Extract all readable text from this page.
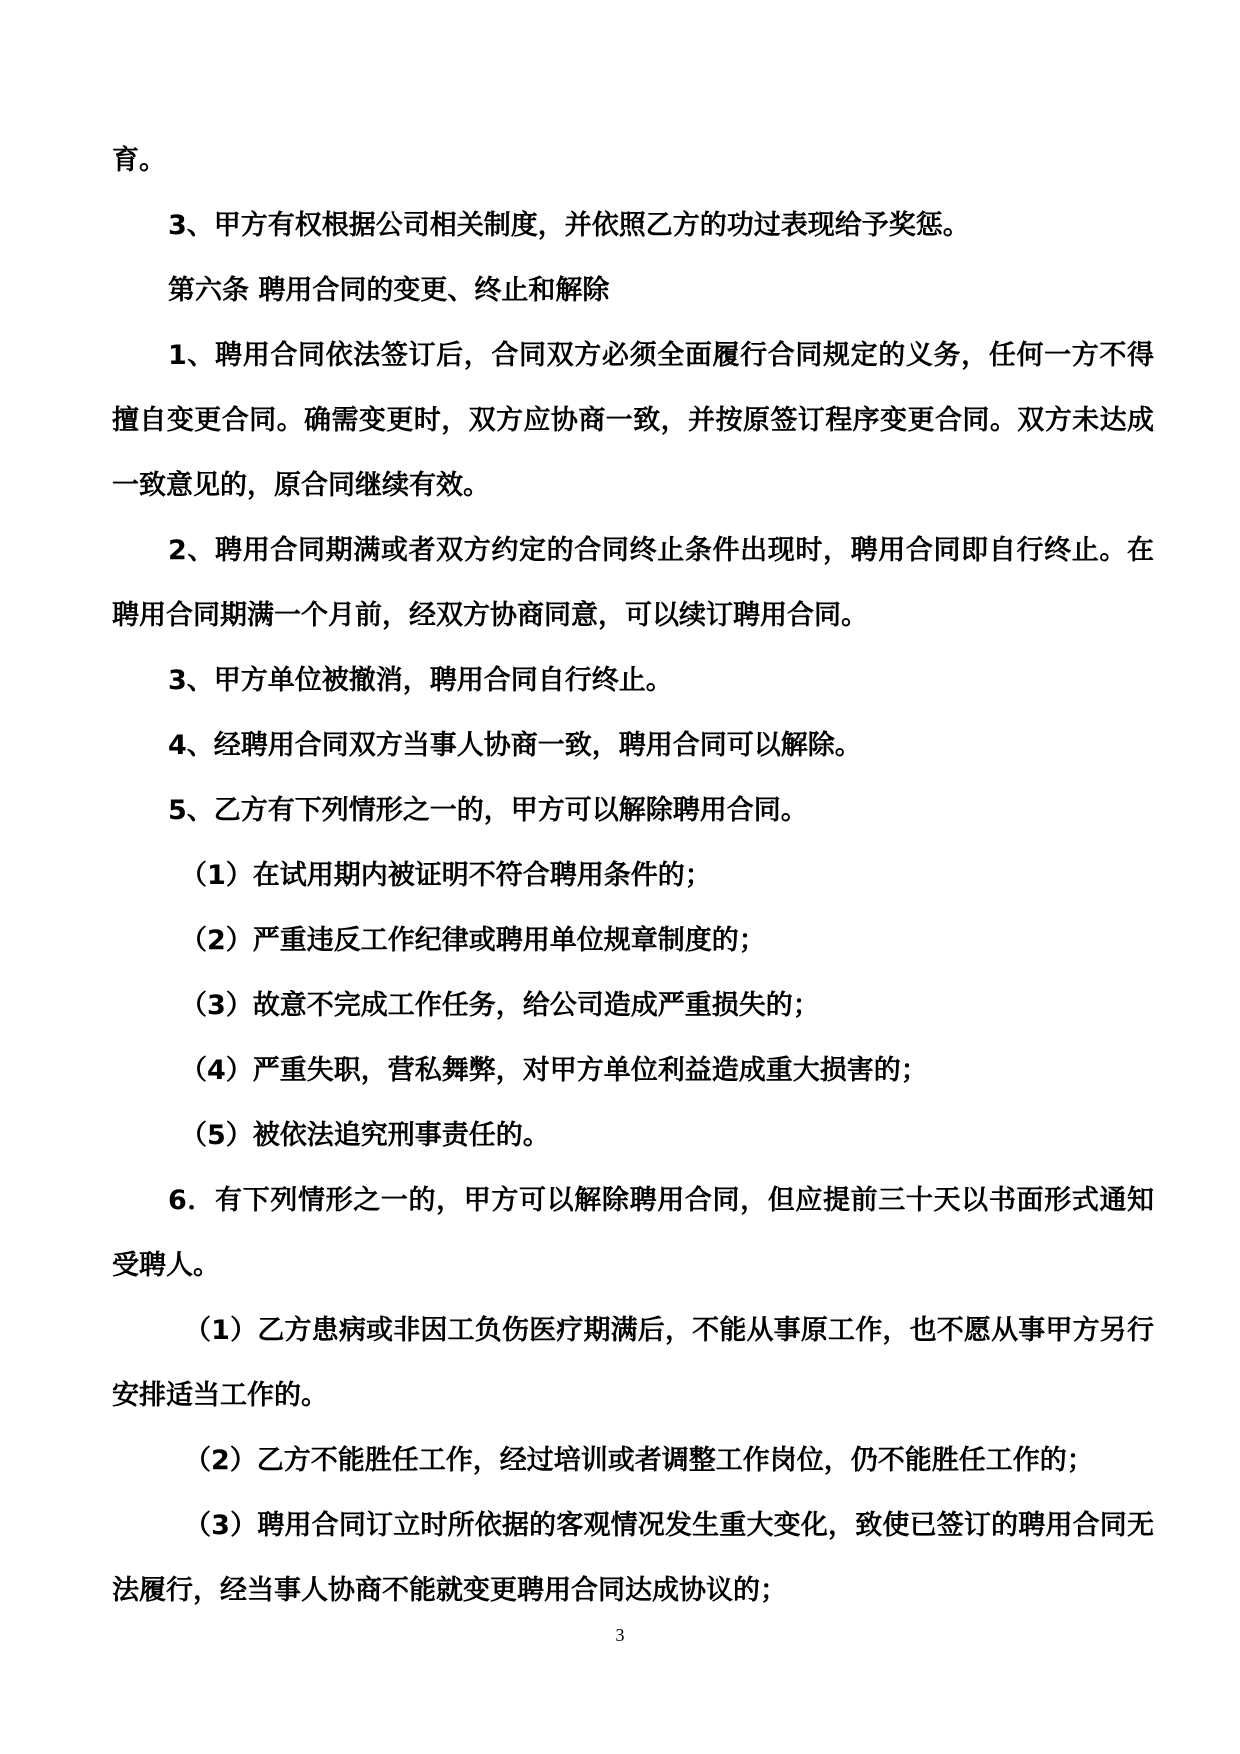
育。

3、甲方有权根据公司相关制度，并依照乙方的功过表现给予奖惩。

第六条 聘用合同的变更、终止和解除

1、聘用合同依法签订后，合同双方必须全面履行合同规定的义务，任何一方不得擅自变更合同。确需变更时，双方应协商一致，并按原签订程序变更合同。双方未达成一致意见的，原合同继续有效。

2、聘用合同期满或者双方约定的合同终止条件出现时，聘用合同即自行终止。在聘用合同期满一个月前，经双方协商同意，可以续订聘用合同。

3、甲方单位被撤消，聘用合同自行终止。

4、经聘用合同双方当事人协商一致，聘用合同可以解除。

5、乙方有下列情形之一的，甲方可以解除聘用合同。

（1）在试用期内被证明不符合聘用条件的；

（2）严重违反工作纪律或聘用单位规章制度的；

（3）故意不完成工作任务，给公司造成严重损失的；

（4）严重失职，营私舞弊，对甲方单位利益造成重大损害的；

（5）被依法追究刑事责任的。

6．有下列情形之一的，甲方可以解除聘用合同，但应提前三十天以书面形式通知受聘人。

（1）乙方患病或非因工负伤医疗期满后，不能从事原工作，也不愿从事甲方另行安排适当工作的。

（2）乙方不能胜任工作，经过培训或者调整工作岗位，仍不能胜任工作的；

（3）聘用合同订立时所依据的客观情况发生重大变化，致使已签订的聘用合同无法履行，经当事人协商不能就变更聘用合同达成协议的；

3
